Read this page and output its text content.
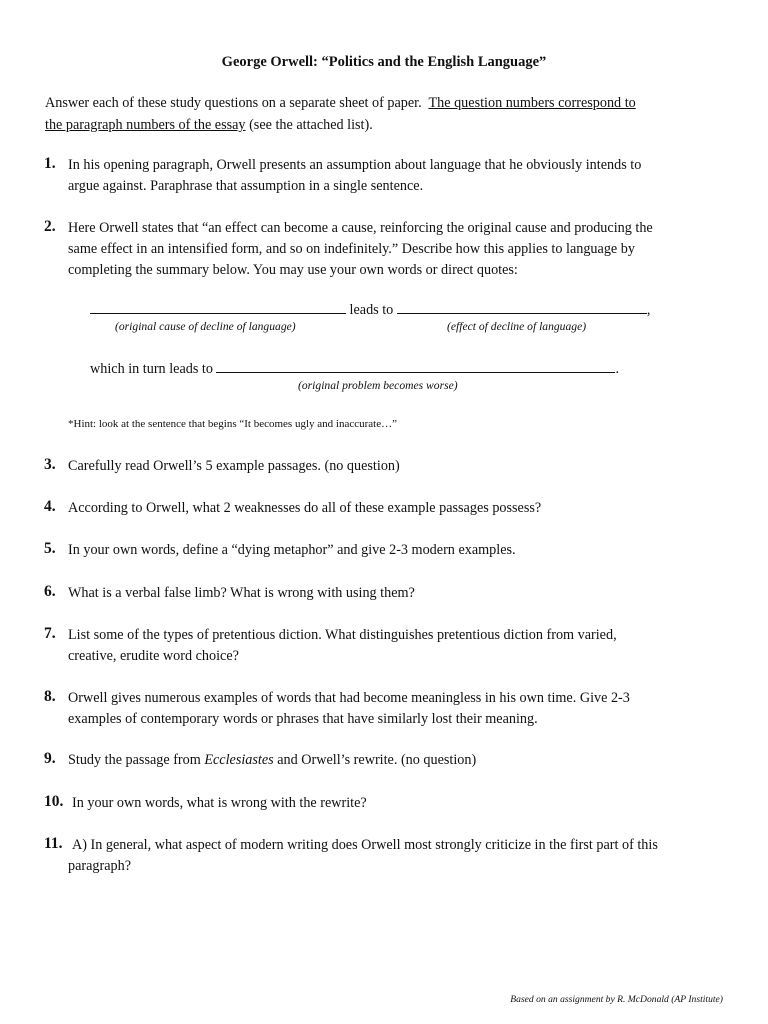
George Orwell: “Politics and the English Language”
Answer each of these study questions on a separate sheet of paper. The question numbers correspond to
the paragraph numbers of the essay (see the attached list).
1. In his opening paragraph, Orwell presents an assumption about language that he obviously intends to
argue against. Paraphrase that assumption in a single sentence.
2. Here Orwell states that “an effect can become a cause, reinforcing the original cause and producing the
same effect in an intensified form, and so on indefinitely.” Describe how this applies to language by
completing the summary below. You may use your own words or direct quotes:
leads to	,
(original cause of decline of language)	(effect of decline of language)
which in turn leads to	.
(original problem becomes worse)
*Hint: look at the sentence that begins “It becomes ugly and inaccurate…”
3. Carefully read Orwell’s 5 example passages. (no question)
4. According to Orwell, what 2 weaknesses do all of these example passages possess?
5. In your own words, define a “dying metaphor” and give 2-3 modern examples.
6. What is a verbal false limb? What is wrong with using them?
7. List some of the types of pretentious diction. What distinguishes pretentious diction from varied,
creative, erudite word choice?
8. Orwell gives numerous examples of words that had become meaningless in his own time. Give 2-3
examples of contemporary words or phrases that have similarly lost their meaning.
9. Study the passage from Ecclesiastes and Orwell’s rewrite. (no question)
10. In your own words, what is wrong with the rewrite?
11. A) In general, what aspect of modern writing does Orwell most strongly criticize in the first part of this
paragraph?
Based on an assignment by R. McDonald (AP Institute)
